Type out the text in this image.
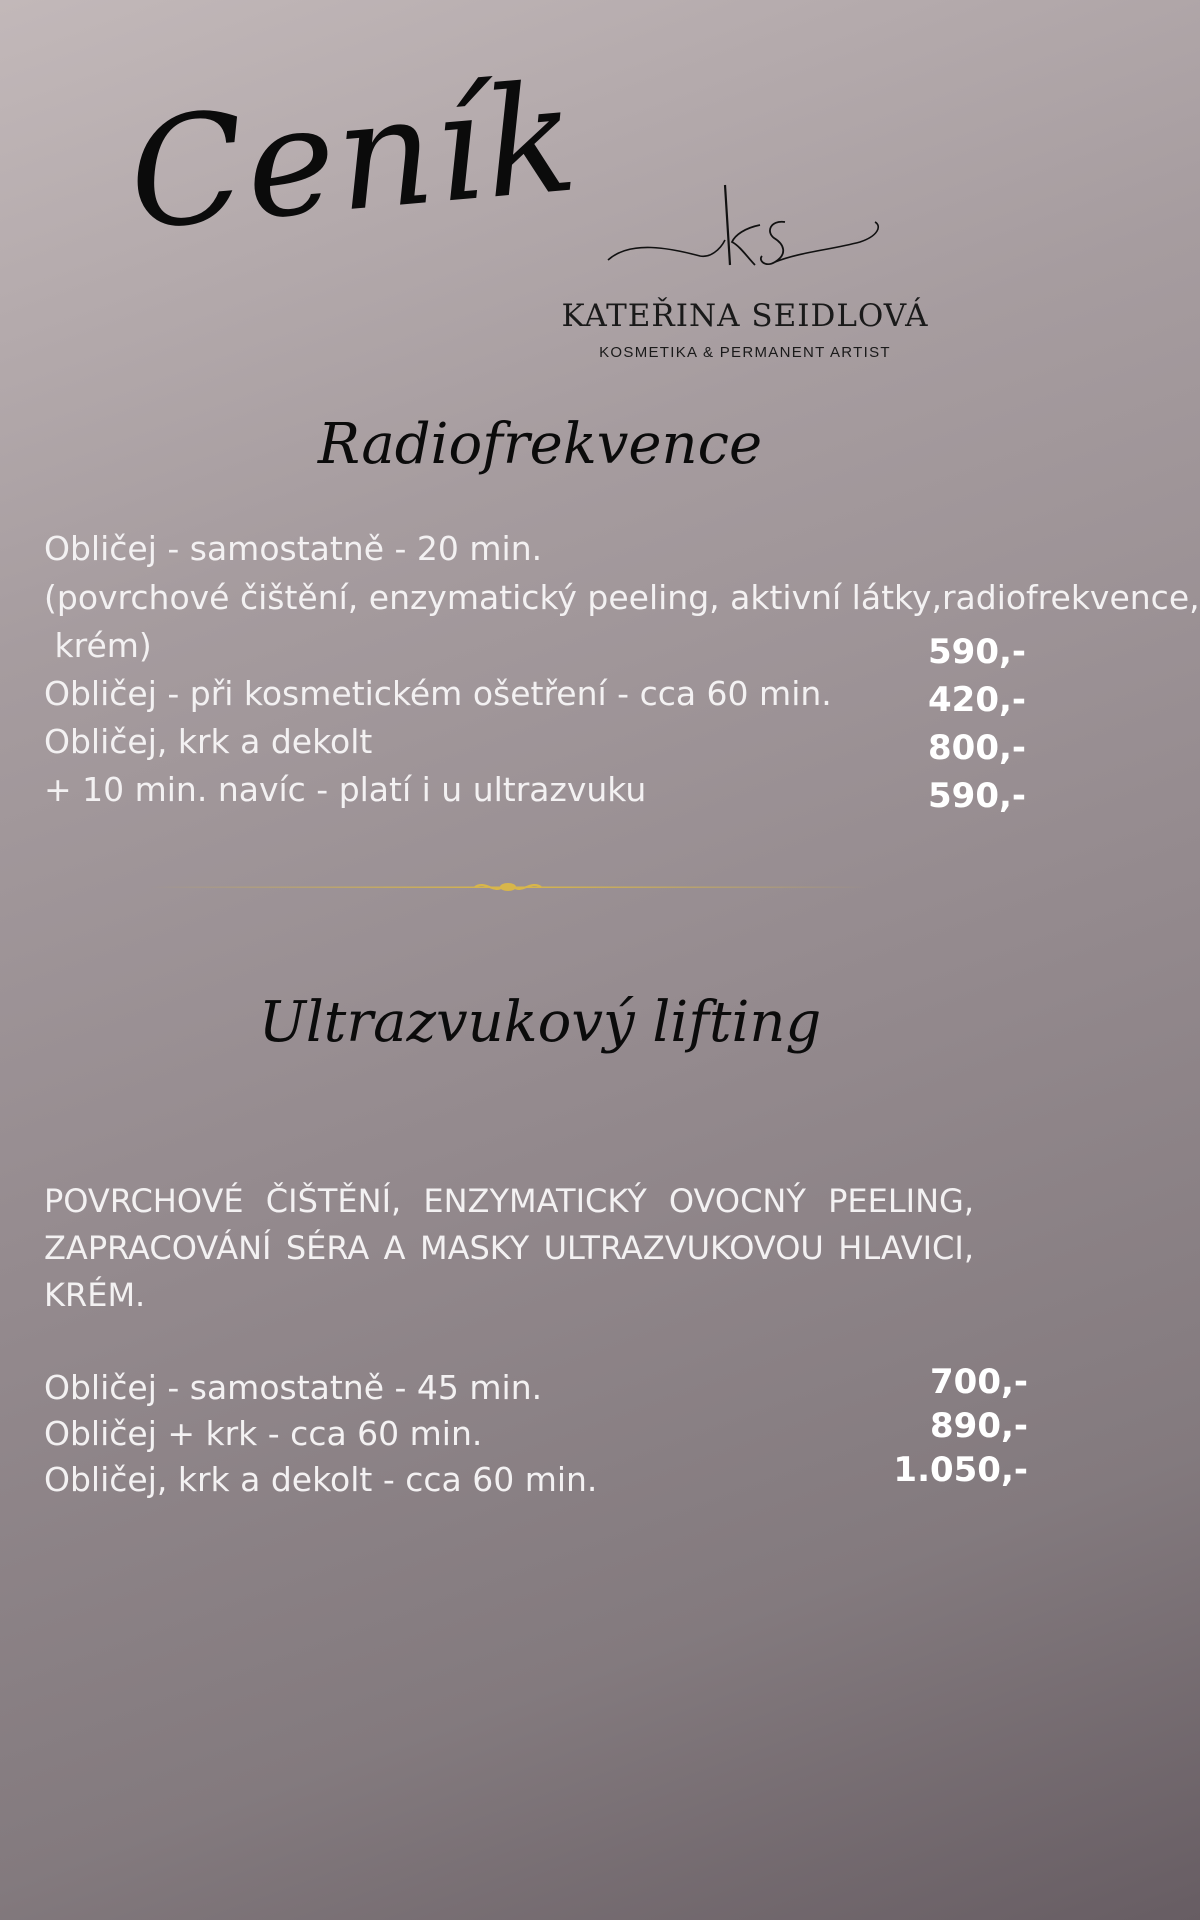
Ceník
KATEŘINA SEIDLOVÁ
KOSMETIKA & PERMANENT ARTIST
Radiofrekvence
Obličej - samostatně - 20 min.
(povrchové čištění, enzymatický peeling, aktivní látky,radiofrekvence,
krém)	590,-
Obličej - při kosmetickém ošetření - cca 60 min.	420,-
Obličej, krk a dekolt	800,-
+ 10 min. navíc - platí i u ultrazvuku	590,-
Ultrazvukový lifting
POVRCHOVÉ ČIŠTĚNÍ, ENZYMATICKÝ OVOCNÝ PEELING, ZAPRACOVÁNÍ SÉRA A MASKY ULTRAZVUKOVOU HLAVICI, KRÉM.
Obličej - samostatně - 45 min.	700,-
Obličej + krk - cca 60 min.	890,-
Obličej, krk a dekolt - cca 60 min.	1.050,-
